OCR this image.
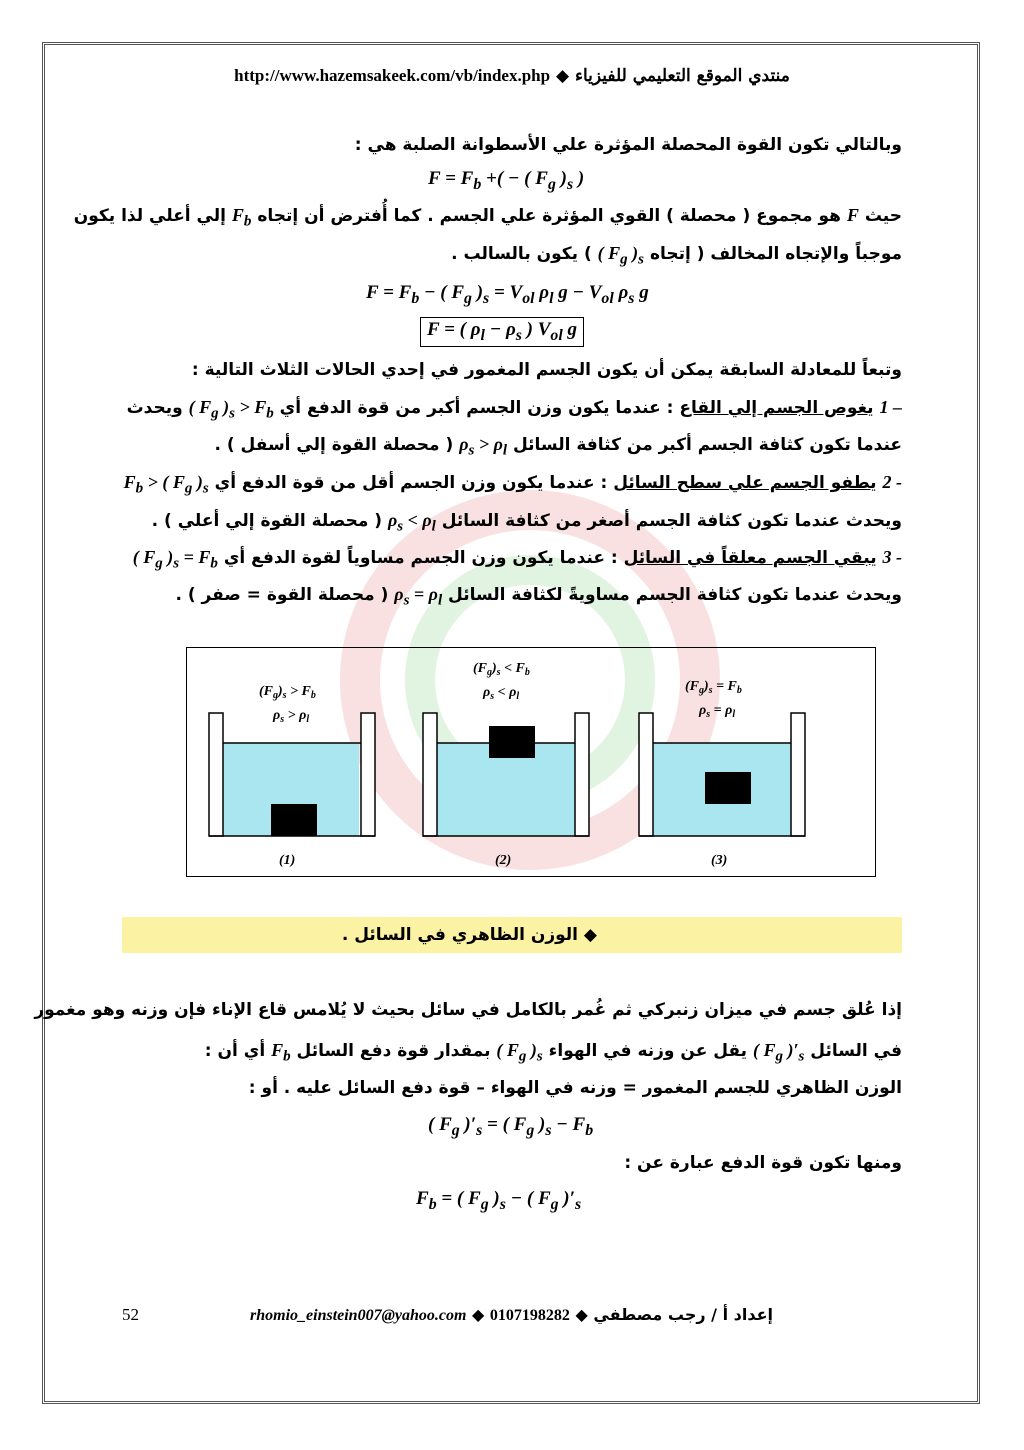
http://www.hazemsakeek.com/vb/index.php ◆ منتدي الموقع التعليمي للفيزياء
وبالتالي تكون القوة المحصلة المؤثرة علي الأسطوانة الصلبة هي :
$F = F_b$ +( − ( $F_g$ )$_s$ )
حيث F هو مجموع ( محصلة ) القوي المؤثرة علي الجسم . كما أُفترض أن إتجاه $F_b$ إلي أعلي لذا يكون
موجباً والإتجاه المخالف ( إتجاه ( $F_g$ )$_s$ ) يكون بالسالب .
$F = F_b$ − ( $F_g$ )$_s = V_{ol}$ $\rho_l$ $g - V_{ol}$ $\rho_s$ g
F = ( $\rho_l - \rho_s$ ) $V_{ol}$ g
وتبعاً للمعادلة السابقة يمكن أن يكون الجسم المغمور في إحدي الحالات الثلاث التالية :
1 – يغوص الجسم إلي القاع : عندما يكون وزن الجسم أكبر من قوة الدفع أي ( $F_g$ )$_s > F_b$ ويحدث
عندما تكون كثافة الجسم أكبر من كثافة السائل $\rho_s > \rho_l$ ( محصلة القوة إلي أسفل ) .
2 - يطفو الجسم علي سطح السائل : عندما يكون وزن الجسم أقل من قوة الدفع أي $F_b$ > ( $F_g$ )$_s$
ويحدث عندما تكون كثافة الجسم أصغر من كثافة السائل $\rho_s < \rho_l$ ( محصلة القوة إلي أعلي ) .
3 - يبقي الجسم معلقاً في السائل : عندما يكون وزن الجسم مساوياً لقوة الدفع أي ( $F_g$ )$_s = F_b$
ويحدث عندما تكون كثافة الجسم مساويةً لكثافة السائل $\rho_s = \rho_l$ ( محصلة القوة = صفر ) .
$(F_g)_s > F_b$
$\rho_s > \rho_l$
(1)
$(F_g)_s < F_b$
$\rho_s < \rho_l$
(2)
$(F_g)_s = F_b$
$\rho_s = \rho_l$
(3)
◆ الوزن الظاهري في السائل .
إذا عُلق جسم في ميزان زنبركي ثم غُمر بالكامل في سائل بحيث لا يُلامس قاع الإناء فإن وزنه وهو مغمور
في السائل ( $F_g$ )$'_s$ يقل عن وزنه في الهواء ( $F_g$ )$_s$ بمقدار قوة دفع السائل $F_b$ أي أن :
الوزن الظاهري للجسم المغمور = وزنه في الهواء – قوة دفع السائل عليه . أو :
( $F_g$ )$'_s$ = ( $F_g$ )$_s - F_b$
ومنها تكون قوة الدفع عبارة عن :
$F_b$ = ( $F_g$ )$_s$ − ( $F_g$ )$'_s$
52	rhomio_einstein007@yahoo.com ◆ 0107198282 ◆ إعداد أ / رجب مصطفي
